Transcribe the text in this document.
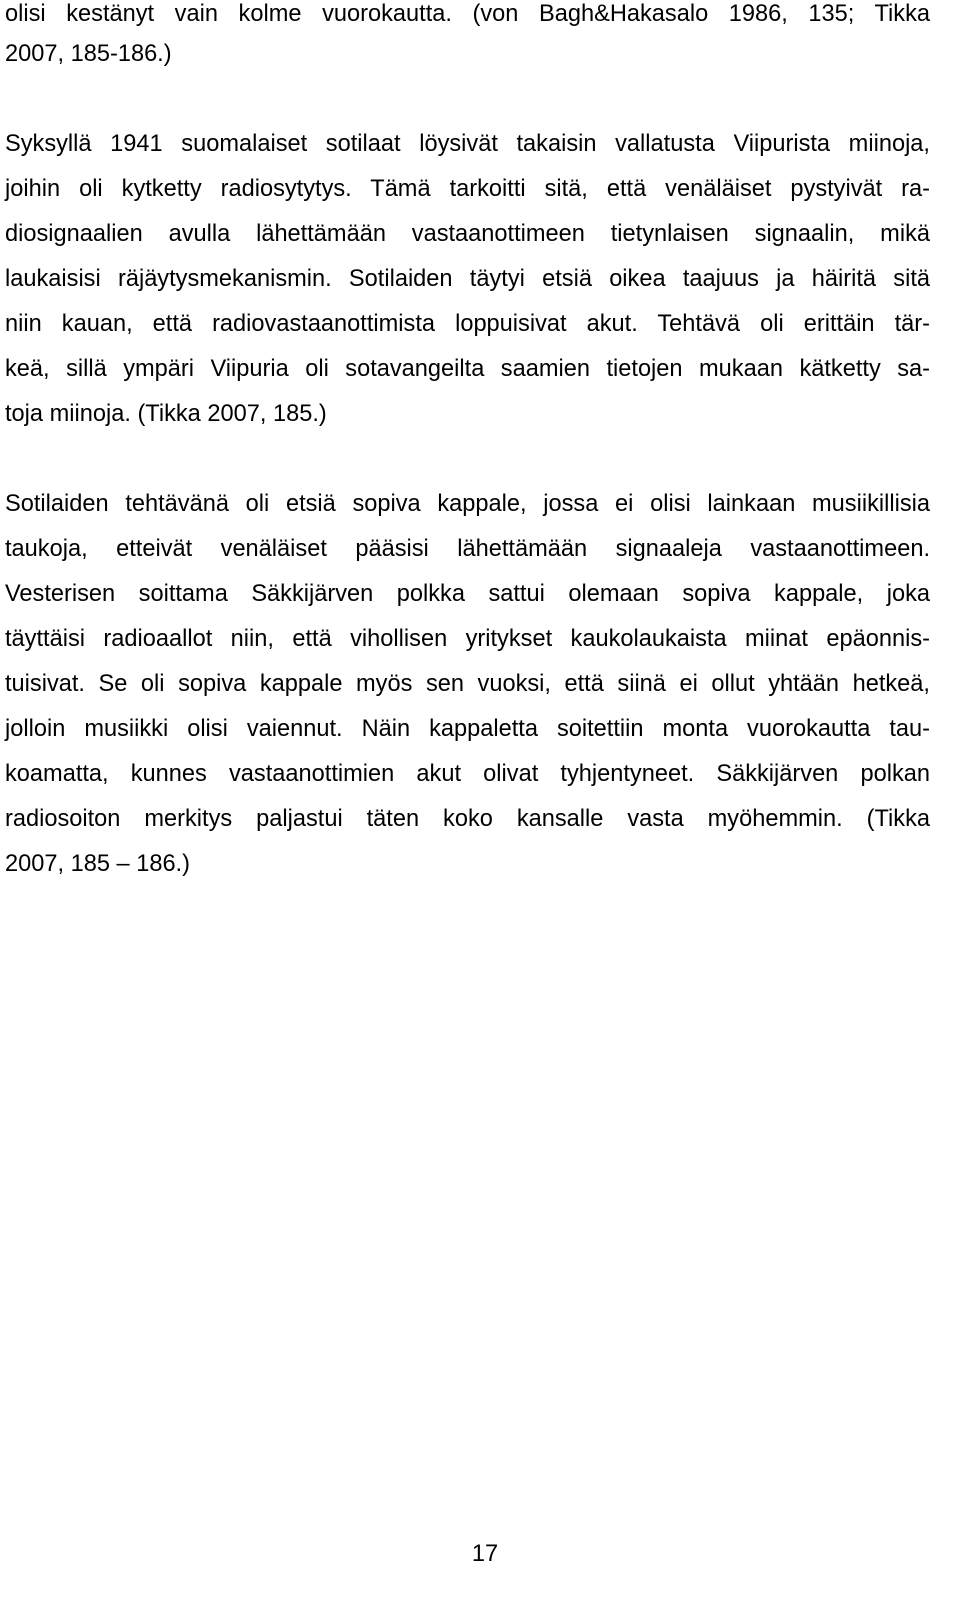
olisi kestänyt vain kolme vuorokautta. (von Bagh&Hakasalo 1986, 135; Tikka
2007, 185-186.)
Syksyllä 1941 suomalaiset sotilaat löysivät takaisin vallatusta Viipurista miinoja,
joihin oli kytketty radiosytytys. Tämä tarkoitti sitä, että venäläiset pystyivät ra-
diosignaalien avulla lähettämään vastaanottimeen tietynlaisen signaalin, mikä
laukaisisi räjäytysmekanismin. Sotilaiden täytyi etsiä oikea taajuus ja häiritä sitä
niin kauan, että radiovastaanottimista loppuisivat akut. Tehtävä oli erittäin tär-
keä, sillä ympäri Viipuria oli sotavangeilta saamien tietojen mukaan kätketty sa-
toja miinoja. (Tikka 2007, 185.)
Sotilaiden tehtävänä oli etsiä sopiva kappale, jossa ei olisi lainkaan musiikillisia
taukoja, etteivät venäläiset pääsisi lähettämään signaaleja vastaanottimeen.
Vesterisen soittama Säkkijärven polkka sattui olemaan sopiva kappale, joka
täyttäisi radioaallot niin, että vihollisen yritykset kaukolaukaista miinat epäonnis-
tuisivat. Se oli sopiva kappale myös sen vuoksi, että siinä ei ollut yhtään hetkeä,
jolloin musiikki olisi vaiennut. Näin kappaletta soitettiin monta vuorokautta tau-
koamatta, kunnes vastaanottimien akut olivat tyhjentyneet. Säkkijärven polkan
radiosoiton merkitys paljastui täten koko kansalle vasta myöhemmin. (Tikka
2007, 185 – 186.)
17
